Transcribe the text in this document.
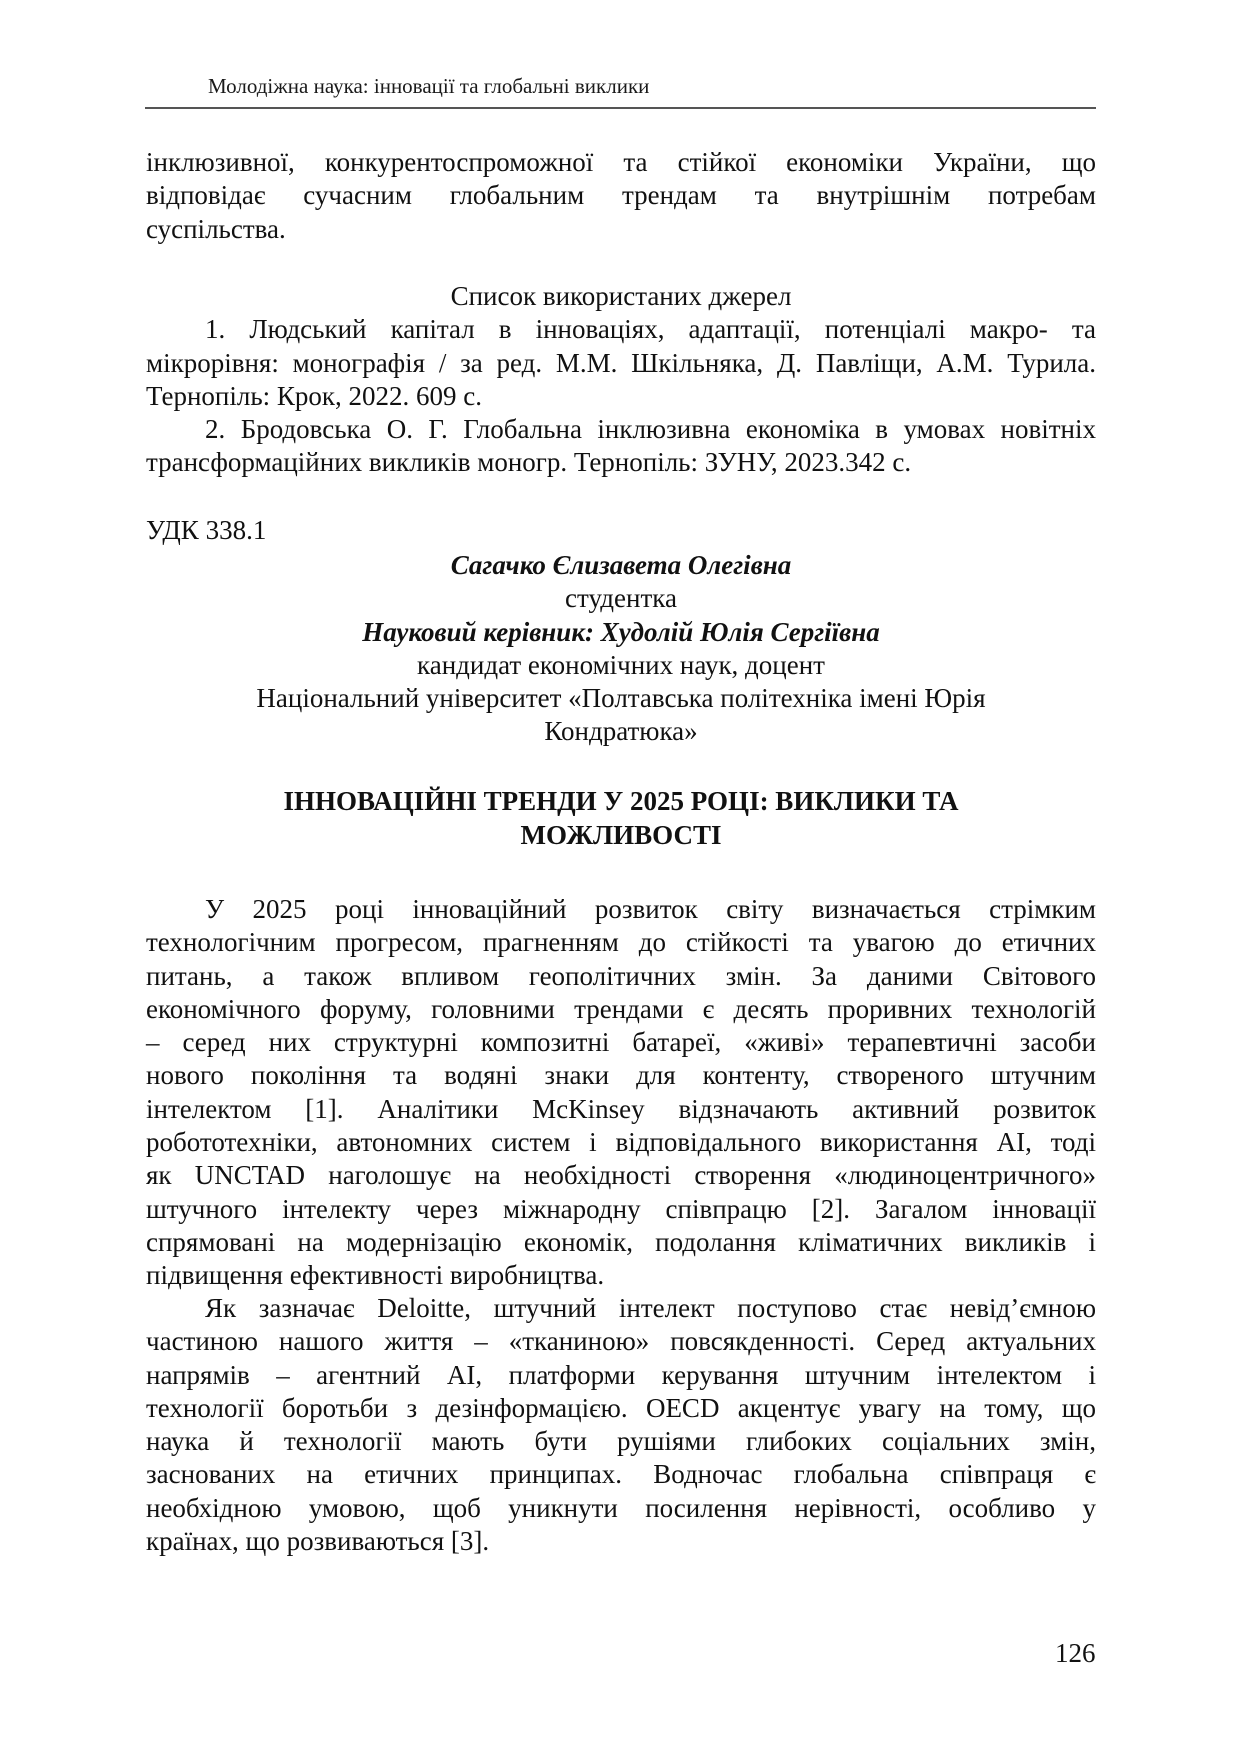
Молодіжна наука: інновації та глобальні виклики
інклюзивної, конкурентоспроможної та стійкої економіки України, що
відповідає сучасним глобальним трендам та внутрішнім потребам
суспільства.
Список використаних джерел
1. Людський капітал в інноваціях, адаптації, потенціалі макро- та
мікрорівня: монографія / за ред. М.М. Шкільняка, Д. Павліщи, А.М. Турила.
Тернопіль: Крок, 2022. 609 с.
2. Бродовська О. Г. Глобальна інклюзивна економіка в умовах новітніх
трансформаційних викликів моногр. Тернопіль: ЗУНУ, 2023.342 с.
УДК 338.1
Сагачко Єлизавета Олегівна
студентка
Науковий керівник: Худолій Юлія Сергіївна
кандидат економічних наук, доцент
Національний університет «Полтавська політехніка імені Юрія
Кондратюка»
ІННОВАЦІЙНІ ТРЕНДИ У 2025 РОЦІ: ВИКЛИКИ ТА
МОЖЛИВОСТІ
У 2025 році інноваційний розвиток світу визначається стрімким
технологічним прогресом, прагненням до стійкості та увагою до етичних
питань, а також впливом геополітичних змін. За даними Світового
економічного форуму, головними трендами є десять проривних технологій
– серед них структурні композитні батареї, «живі» терапевтичні засоби
нового покоління та водяні знаки для контенту, створеного штучним
інтелектом [1]. Аналітики McKinsey відзначають активний розвиток
робототехніки, автономних систем і відповідального використання AI, тоді
як UNCTAD наголошує на необхідності створення «людиноцентричного»
штучного інтелекту через міжнародну співпрацю [2]. Загалом інновації
спрямовані на модернізацію економік, подолання кліматичних викликів і
підвищення ефективності виробництва.
Як зазначає Deloitte, штучний інтелект поступово стає невід’ємною
частиною нашого життя – «тканиною» повсякденності. Серед актуальних
напрямів – агентний AI, платформи керування штучним інтелектом і
технології боротьби з дезінформацією. OECD акцентує увагу на тому, що
наука й технології мають бути рушіями глибоких соціальних змін,
заснованих на етичних принципах. Водночас глобальна співпраця є
необхідною умовою, щоб уникнути посилення нерівності, особливо у
країнах, що розвиваються [3].
126
